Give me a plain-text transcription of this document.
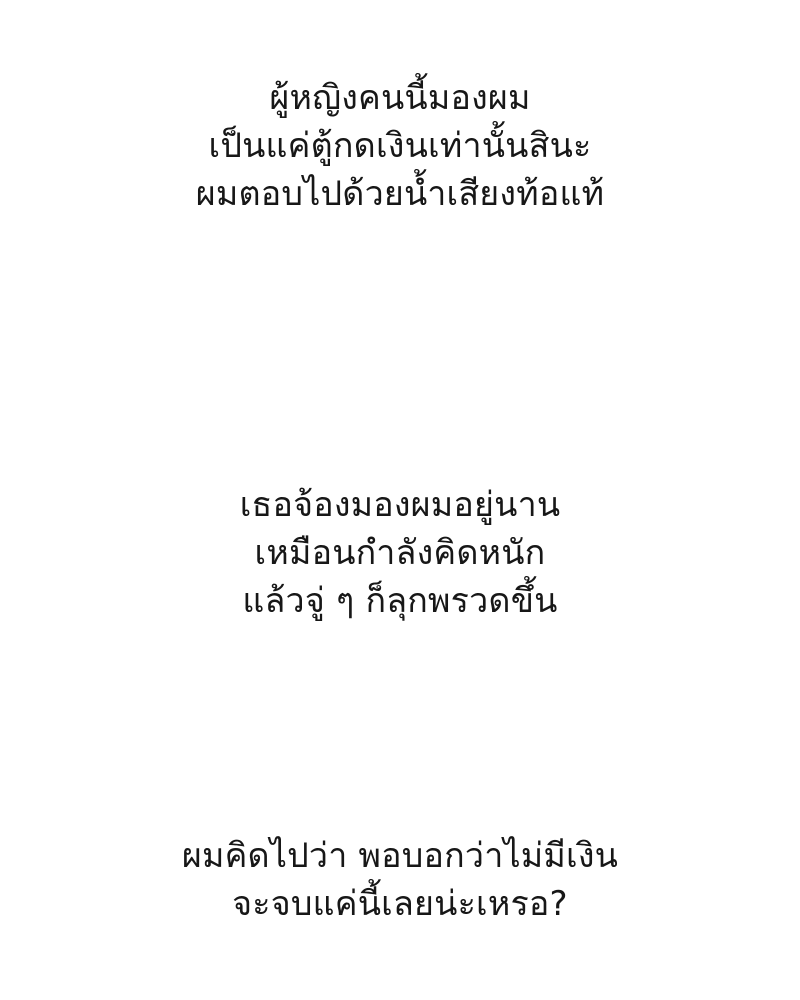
ผู้หญิงคนนี้มองผม
เป็นแค่ตู้กดเงินเท่านั้นสินะ
ผมตอบไปด้วยน้ำเสียงท้อแท้
เธอจ้องมองผมอยู่นาน
เหมือนกำลังคิดหนัก
แล้วจู่ ๆ ก็ลุกพรวดขึ้น
ผมคิดไปว่า พอบอกว่าไม่มีเงิน
จะจบแค่นี้เลยน่ะเหรอ?
